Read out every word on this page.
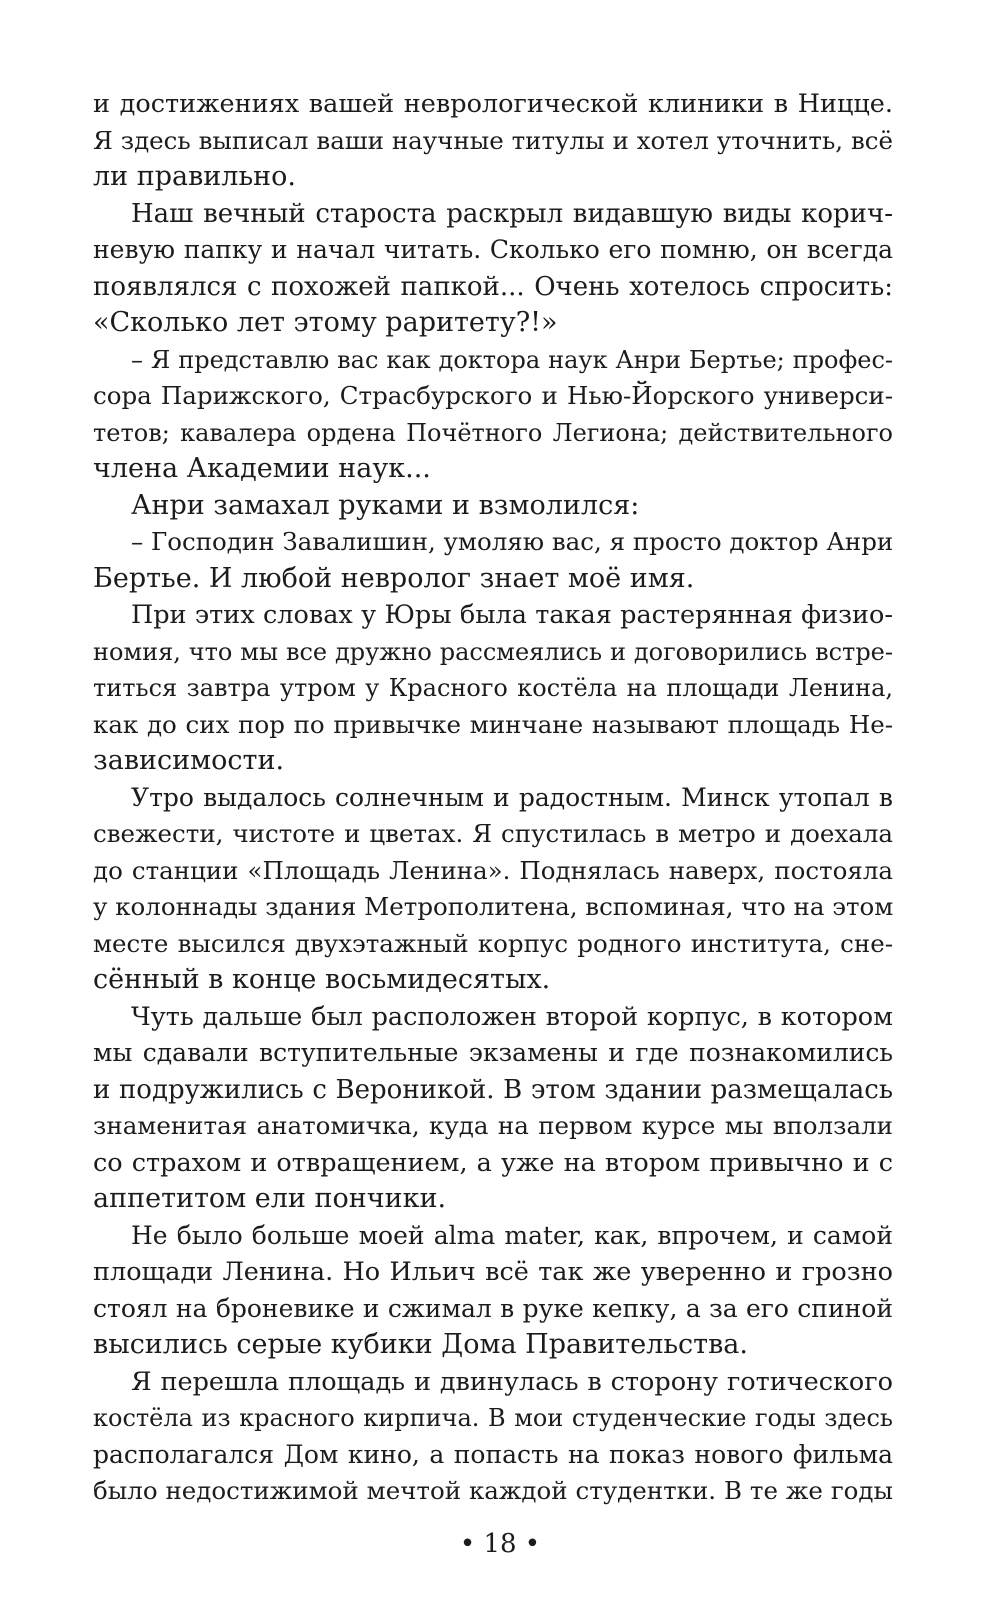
и достижениях вашей неврологической клиники в Ницце.
Я здесь выписал ваши научные титулы и хотел уточнить, всё
ли правильно.
Наш вечный староста раскрыл видавшую виды корич-
невую папку и начал читать. Сколько его помню, он всегда
появлялся с похожей папкой... Очень хотелось спросить:
«Сколько лет этому раритету?!»
– Я представлю вас как доктора наук Анри Бертье; профес-
сора Парижского, Страсбурского и Нью-Йорского универси-
тетов; кавалера ордена Почётного Легиона; действительного
члена Академии наук...
Анри замахал руками и взмолился:
– Господин Завалишин, умоляю вас, я просто доктор Анри
Бертье. И любой невролог знает моё имя.
При этих словах у Юры была такая растерянная физио-
номия, что мы все дружно рассмеялись и договорились встре-
титься завтра утром у Красного костёла на площади Ленина,
как до сих пор по привычке минчане называют площадь Не-
зависимости.
Утро выдалось солнечным и радостным. Минск утопал в
свежести, чистоте и цветах. Я спустилась в метро и доехала
до станции «Площадь Ленина». Поднялась наверх, постояла
у колоннады здания Метрополитена, вспоминая, что на этом
месте высился двухэтажный корпус родного института, сне-
сённый в конце восьмидесятых.
Чуть дальше был расположен второй корпус, в котором
мы сдавали вступительные экзамены и где познакомились
и подружились с Вероникой. В этом здании размещалась
знаменитая анатомичка, куда на первом курсе мы вползали
со страхом и отвращением, а уже на втором привычно и с
аппетитом ели пончики.
Не было больше моей alma mater, как, впрочем, и самой
площади Ленина. Но Ильич всё так же уверенно и грозно
стоял на броневике и сжимал в руке кепку, а за его спиной
высились серые кубики Дома Правительства.
Я перешла площадь и двинулась в сторону готического
костёла из красного кирпича. В мои студенческие годы здесь
располагался Дом кино, а попасть на показ нового фильма
было недостижимой мечтой каждой студентки. В те же годы
• 18 •
